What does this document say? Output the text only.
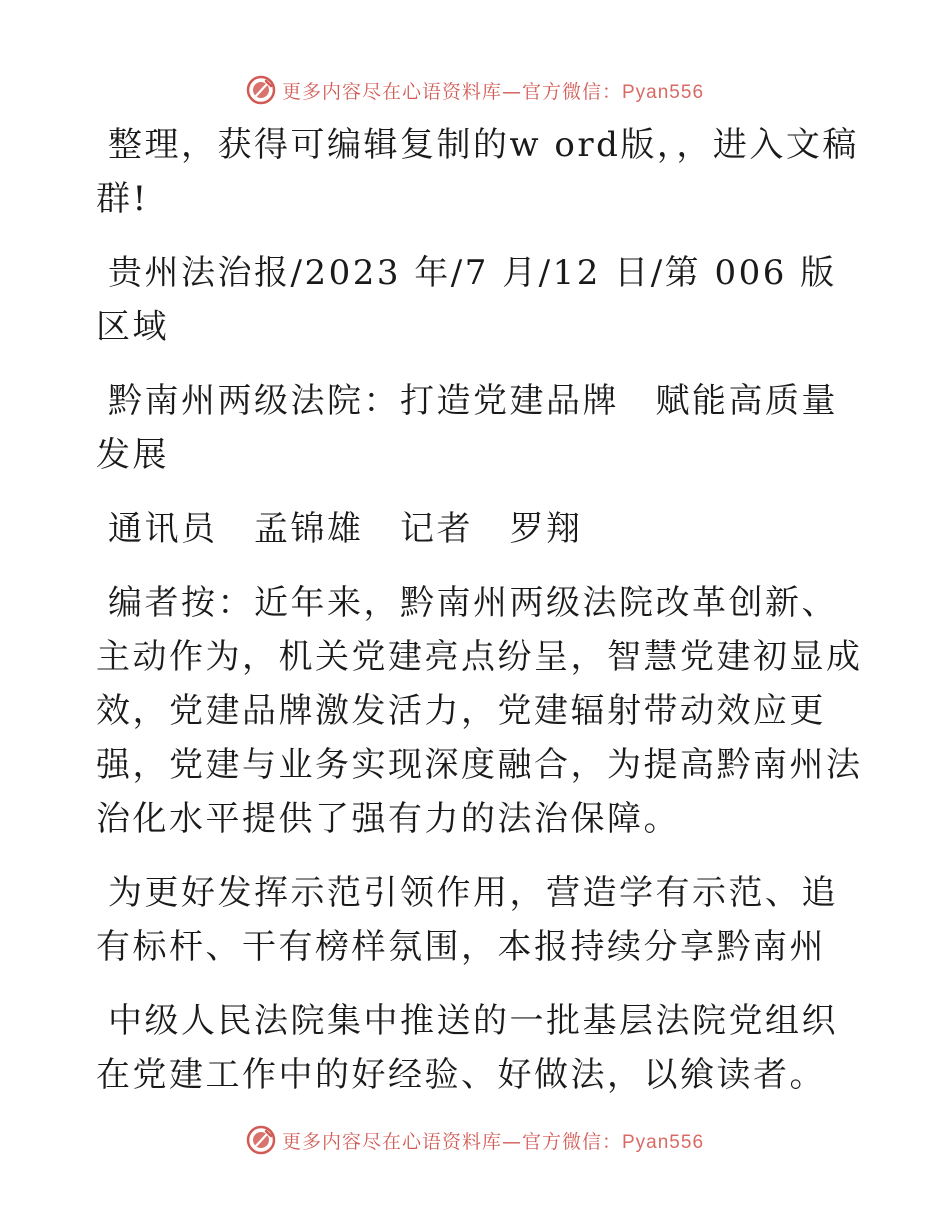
更多内容尽在心语资料库—官方微信：Pyan556

整理，获得可编辑复制的w ord版，，进入文稿群!

贵州法治报/2023 年/7 月/12 日/第 006 版区域

黔南州两级法院：打造党建品牌　赋能高质量发展

通讯员　孟锦雄　记者　罗翔

编者按：近年来，黔南州两级法院改革创新、主动作为，机关党建亮点纷呈，智慧党建初显成效，党建品牌激发活力，党建辐射带动效应更强，党建与业务实现深度融合，为提高黔南州法治化水平提供了强有力的法治保障。

为更好发挥示范引领作用，营造学有示范、追有标杆、干有榜样氛围，本报持续分享黔南州

中级人民法院集中推送的一批基层法院党组织在党建工作中的好经验、好做法，以飨读者。

更多内容尽在心语资料库—官方微信：Pyan556
